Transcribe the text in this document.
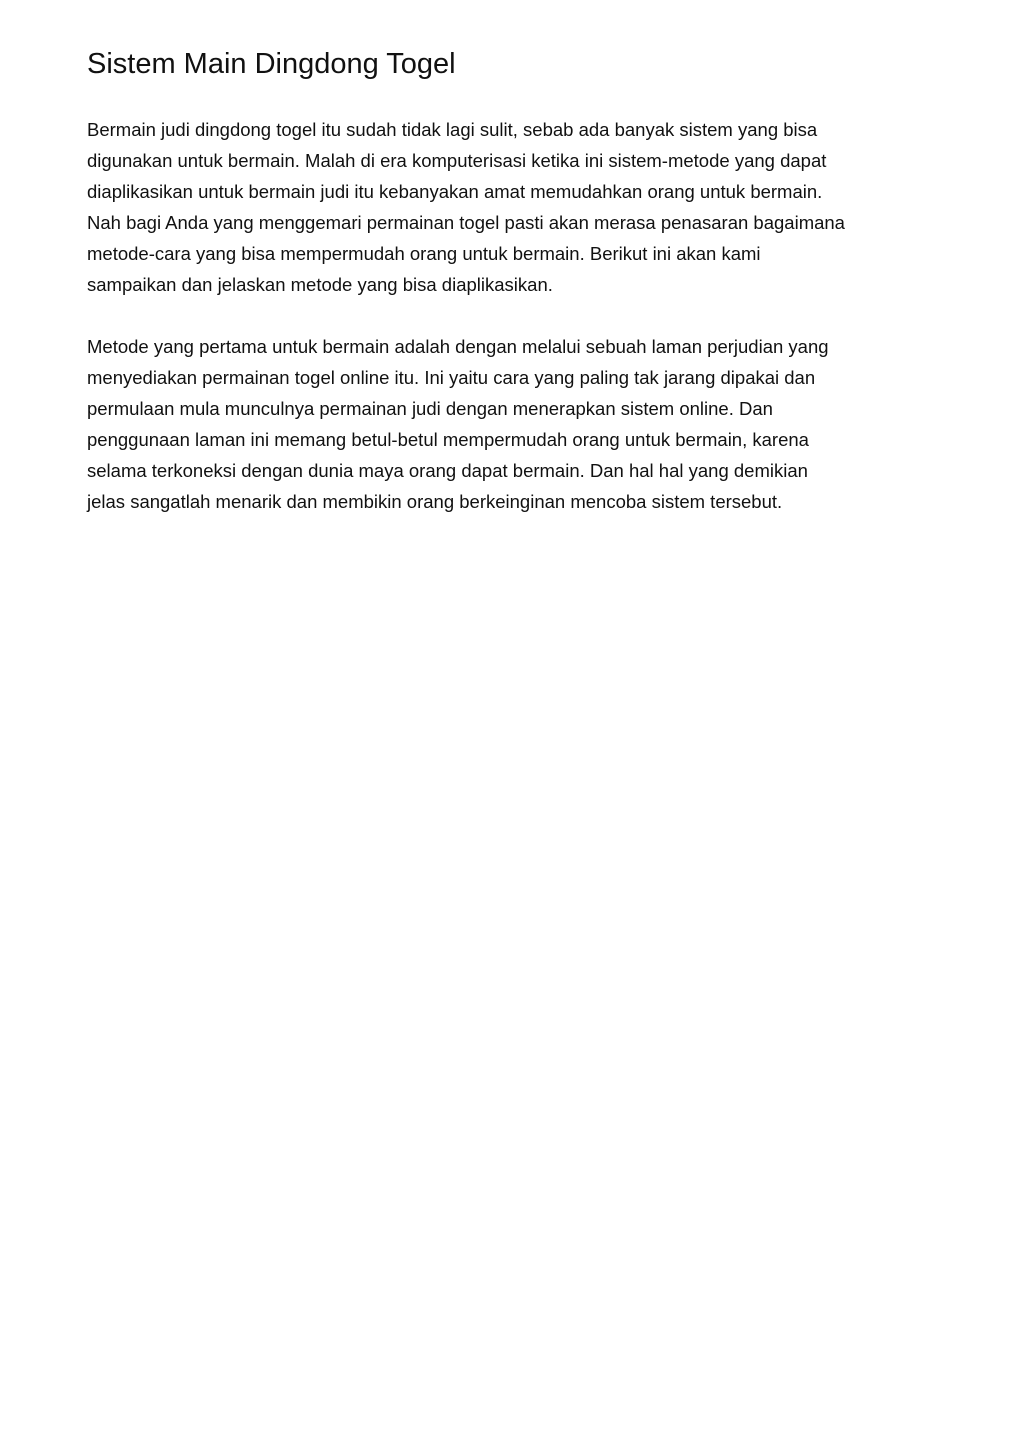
Sistem Main Dingdong Togel

Bermain judi dingdong togel itu sudah tidak lagi sulit, sebab ada banyak sistem yang bisa
digunakan untuk bermain. Malah di era komputerisasi ketika ini sistem-metode yang dapat
diaplikasikan untuk bermain judi itu kebanyakan amat memudahkan orang untuk bermain.
Nah bagi Anda yang menggemari permainan togel pasti akan merasa penasaran bagaimana
metode-cara yang bisa mempermudah orang untuk bermain. Berikut ini akan kami
sampaikan dan jelaskan metode yang bisa diaplikasikan.

Metode yang pertama untuk bermain adalah dengan melalui sebuah laman perjudian yang
menyediakan permainan togel online itu. Ini yaitu cara yang paling tak jarang dipakai dan
permulaan mula munculnya permainan judi dengan menerapkan sistem online. Dan
penggunaan laman ini memang betul-betul mempermudah orang untuk bermain, karena
selama terkoneksi dengan dunia maya orang dapat bermain. Dan hal hal yang demikian
jelas sangatlah menarik dan membikin orang berkeinginan mencoba sistem tersebut.
